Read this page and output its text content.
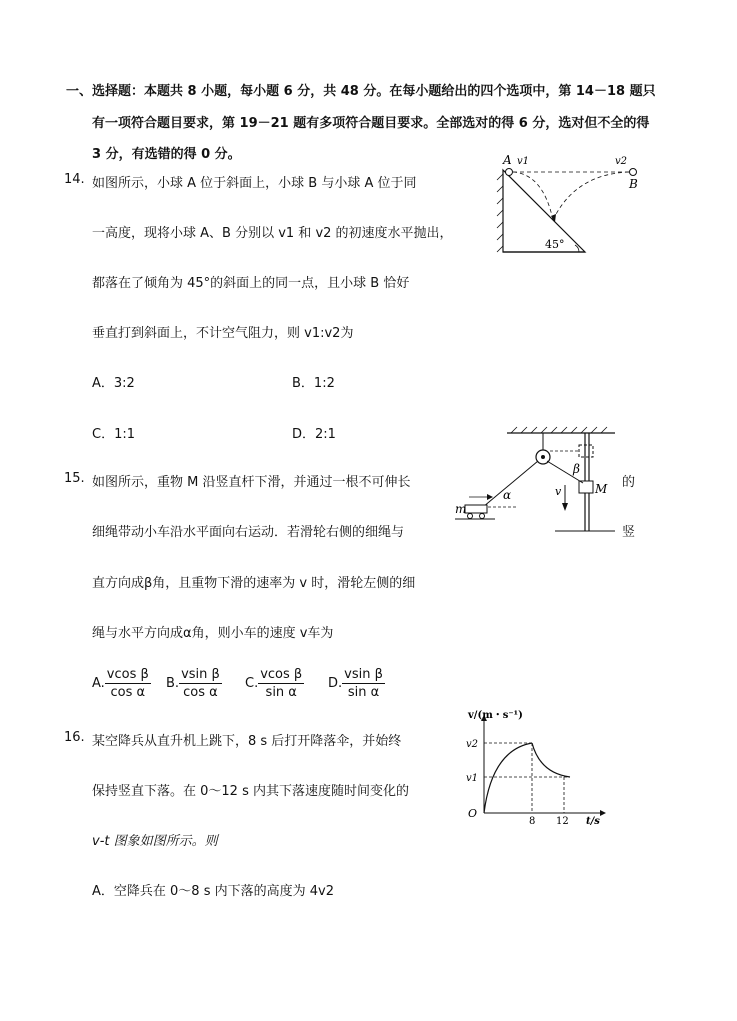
一、选择题：本题共 8 小题，每小题 6 分，共 48 分。在每小题给出的四个选项中，第 14－18 题只
有一项符合题目要求，第 19－21 题有多项符合题目要求。全部选对的得 6 分，选对但不全的得
3 分，有选错的得 0 分。
14. 如图所示，小球 A 位于斜面上，小球 B 与小球 A 位于同
一高度，现将小球 A、B 分别以 v1 和 v2 的初速度水平抛出，
都落在了倾角为 45°的斜面上的同一点，且小球 B 恰好
垂直打到斜面上，不计空气阻力，则 v1:v2为
A．3:2	B．1:2
C．1:1	D．2:1
A v1	v2
B
45°
15. 如图所示，重物 M 沿竖直杆下滑，并通过一根不可伸长	的
细绳带动小车沿水平面向右运动．若滑轮右侧的细绳与	竖
直方向成β角，且重物下滑的速率为 v 时，滑轮左侧的细
绳与水平方向成α角，则小车的速度 v车为
A. $\frac{\text{vcos β}}{\text{cos α}} B$. $\frac{\text{vsin β}}{\text{cos α}} C$. $\frac{\text{vcos β}}{\text{sin α}} D$. $\frac{\text{vsin β}}{\text{sin α}}$
α
β
v	M
m
16. 某空降兵从直升机上跳下，8 s 后打开降落伞，并始终
保持竖直下落。在 0～12 s 内其下落速度随时间变化的
v-t 图象如图所示。则
A．空降兵在 0～8 s 内下落的高度为 4v2
v/(m・s⁻¹)
t/s
O
v2
v1
8 12
